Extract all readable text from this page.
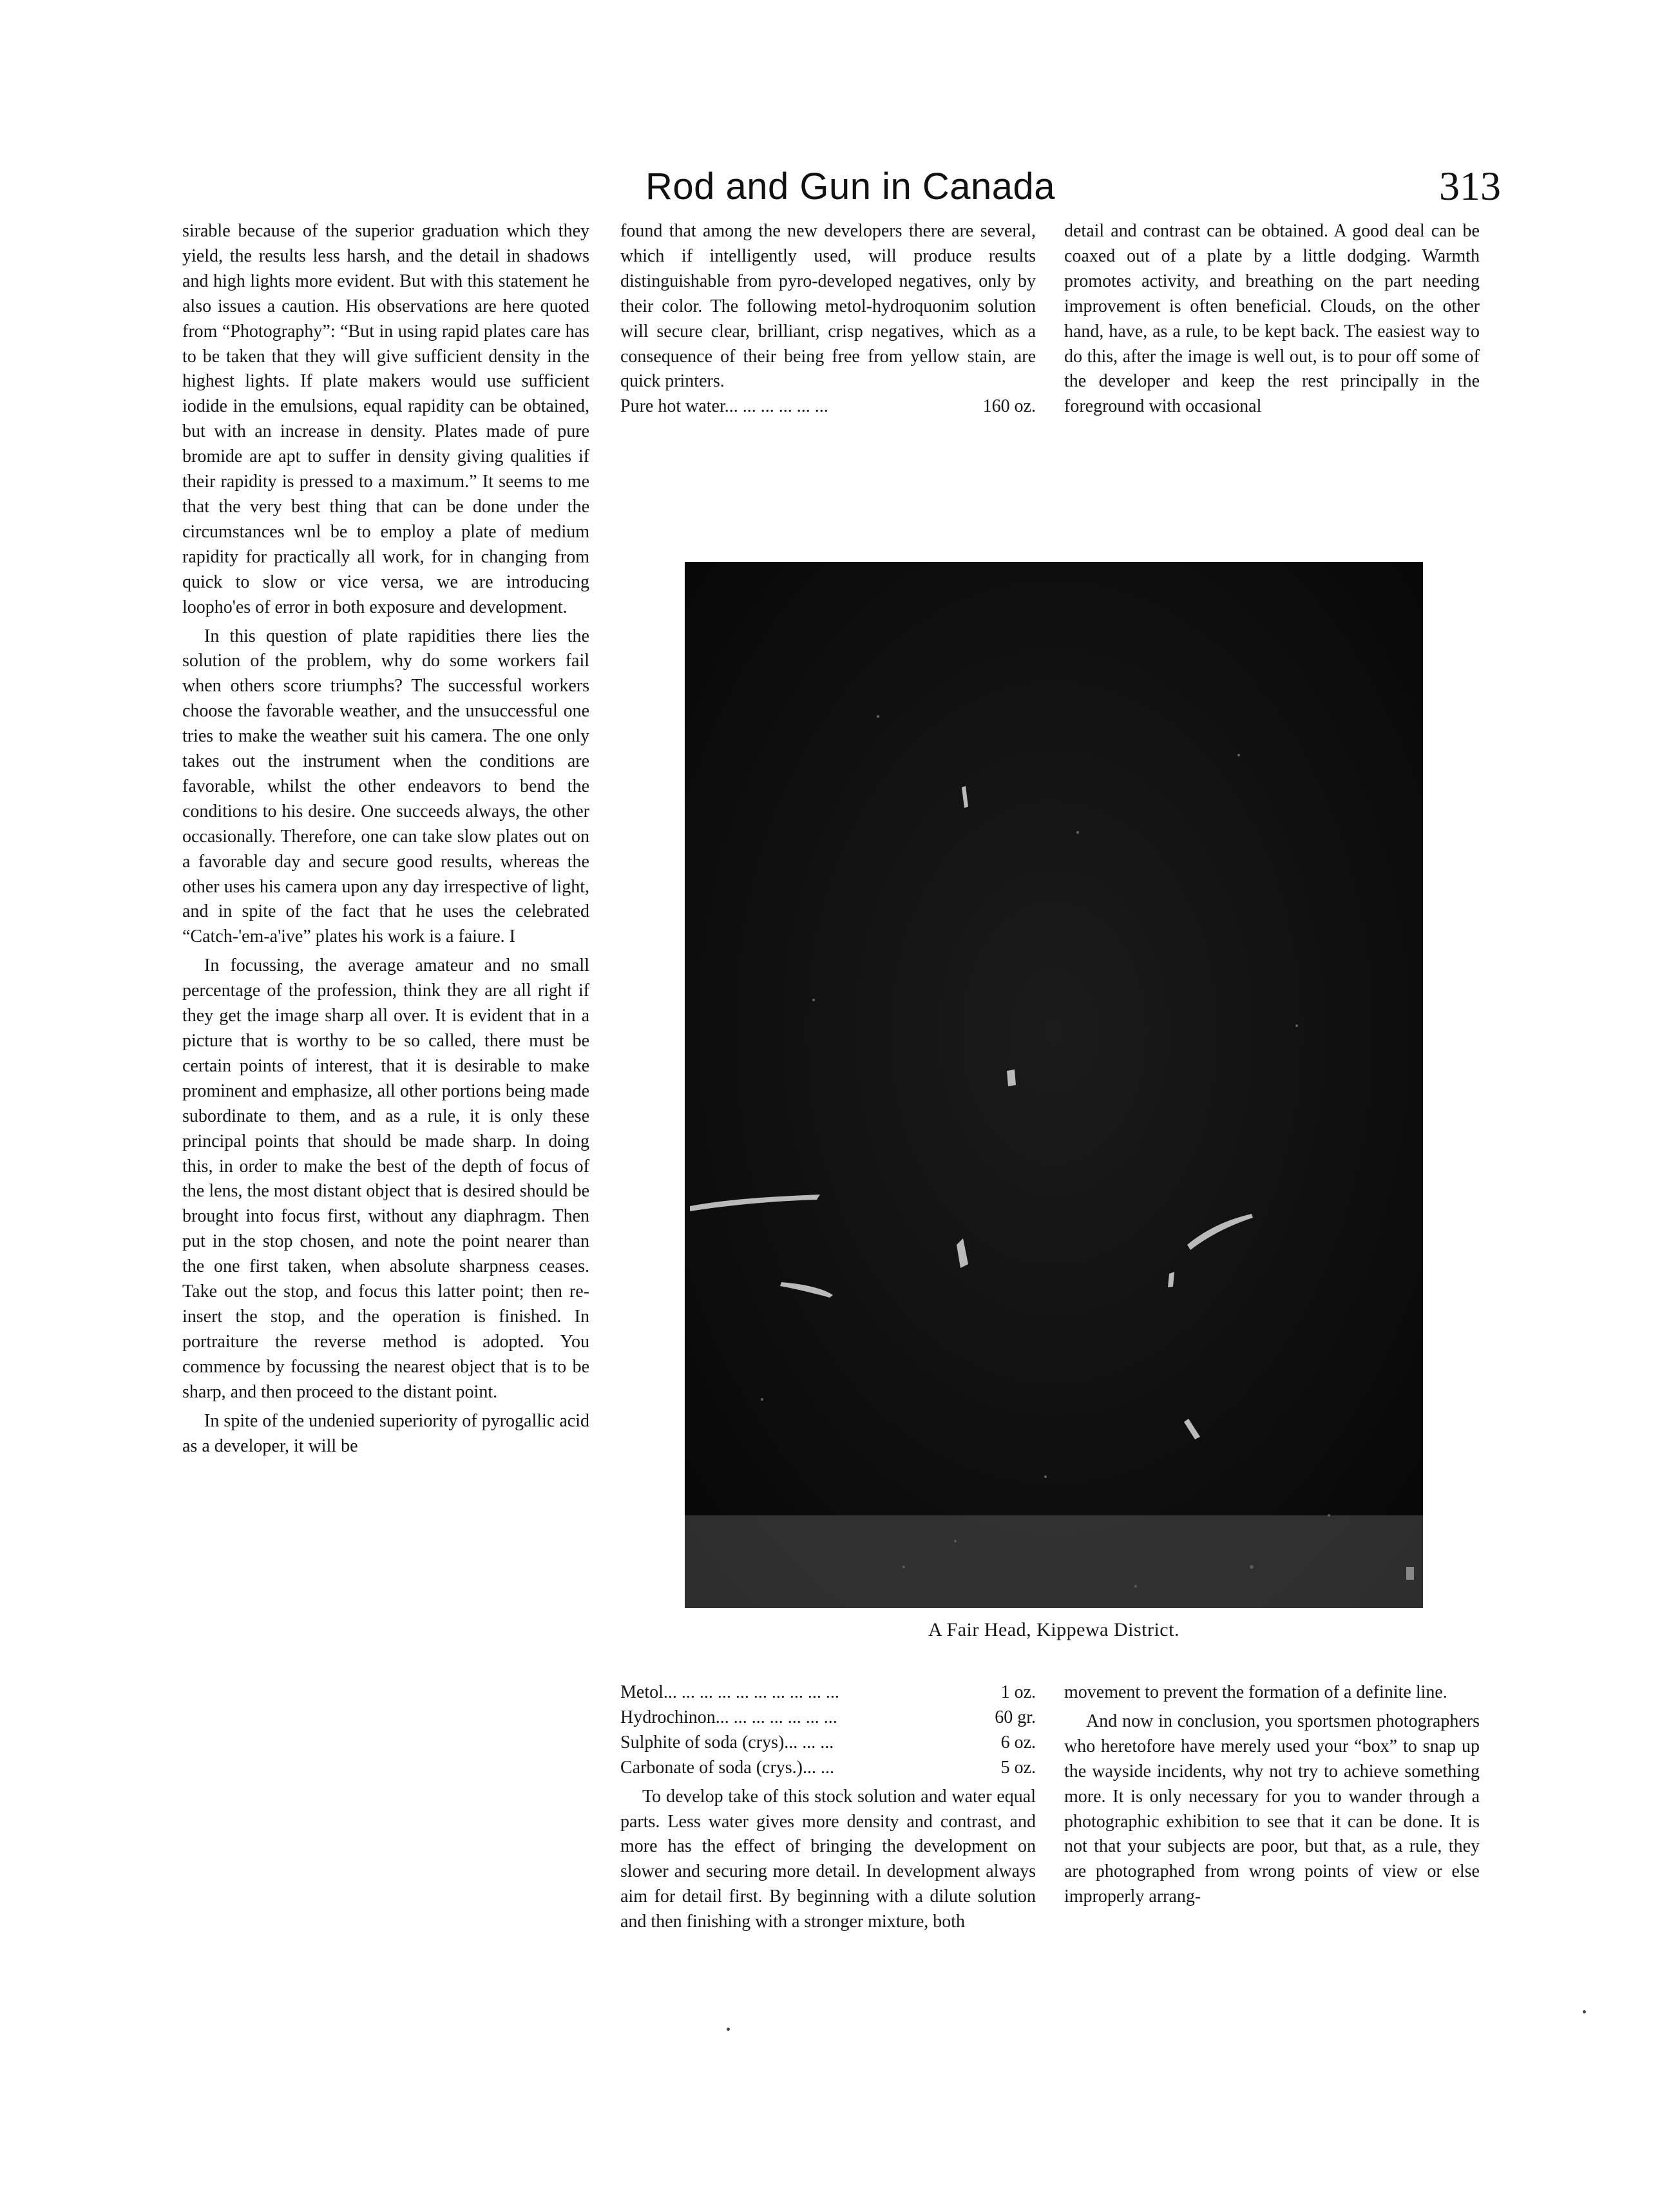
Rod and Gun in Canada	313

sirable because of the superior graduation which they yield, the results less harsh, and the detail in shadows and high lights more evident. But with this statement he also issues a caution. His observations are here quoted from “Photography”: “But in using rapid plates care has to be taken that they will give sufficient density in the highest lights. If plate makers would use sufficient iodide in the emulsions, equal rapidity can be obtained, but with an increase in density. Plates made of pure bromide are apt to suffer in density giving qualities if their rapidity is pressed to a maximum.” It seems to me that the very best thing that can be done under the circumstances wnl be to employ a plate of medium rapidity for practically all work, for in changing from quick to slow or vice versa, we are introducing loopho'es of error in both exposure and development.

In this question of plate rapidities there lies the solution of the problem, why do some workers fail when others score triumphs? The successful workers choose the favorable weather, and the unsuccessful one tries to make the weather suit his camera. The one only takes out the instrument when the conditions are favorable, whilst the other endeavors to bend the conditions to his desire. One succeeds always, the other occasionally. Therefore, one can take slow plates out on a favorable day and secure good results, whereas the other uses his camera upon any day irrespective of light, and in spite of the fact that he uses the celebrated “Catch-'em-a'ive” plates his work is a faiure. I

In focussing, the average amateur and no small percentage of the profession, think they are all right if they get the image sharp all over. It is evident that in a picture that is worthy to be so called, there must be certain points of interest, that it is desirable to make prominent and emphasize, all other portions being made subordinate to them, and as a rule, it is only these principal points that should be made sharp. In doing this, in order to make the best of the depth of focus of the lens, the most distant object that is desired should be brought into focus first, without any diaphragm. Then put in the stop chosen, and note the point nearer than the one first taken, when absolute sharpness ceases. Take out the stop, and focus this latter point; then re-insert the stop, and the operation is finished. In portraiture the reverse method is adopted. You commence by focussing the nearest object that is to be sharp, and then proceed to the distant point.

In spite of the undenied superiority of pyrogallic acid as a developer, it will be

found that among the new developers there are several, which if intelligently used, will produce results distinguishable from pyro-developed negatives, only by their color. The following metol-hydroquonim solution will secure clear, brilliant, crisp negatives, which as a consequence of their being free from yellow stain, are quick printers.

Pure hot water... ... ... ... ... ...	160 oz.

detail and contrast can be obtained. A good deal can be coaxed out of a plate by a little dodging. Warmth promotes activity, and breathing on the part needing improvement is often beneficial. Clouds, on the other hand, have, as a rule, to be kept back. The easiest way to do this, after the image is well out, is to pour off some of the developer and keep the rest principally in the foreground with occasional

A Fair Head, Kippewa District.
Metol... ... ... ... ... ... ... ... ... ...	1 oz.
Hydrochinon... ... ... ... ... ... ...	60 gr.
Sulphite of soda (crys)... ... ...	6 oz.
Carbonate of soda (crys.)... ...	5 oz.

To develop take of this stock solution and water equal parts. Less water gives more density and contrast, and more has the effect of bringing the development on slower and securing more detail. In development always aim for detail first. By beginning with a dilute solution and then finishing with a stronger mixture, both

movement to prevent the formation of a definite line.

And now in conclusion, you sportsmen photographers who heretofore have merely used your “box” to snap up the wayside incidents, why not try to achieve something more. It is only necessary for you to wander through a photographic exhibition to see that it can be done. It is not that your subjects are poor, but that, as a rule, they are photographed from wrong points of view or else improperly arrang-
